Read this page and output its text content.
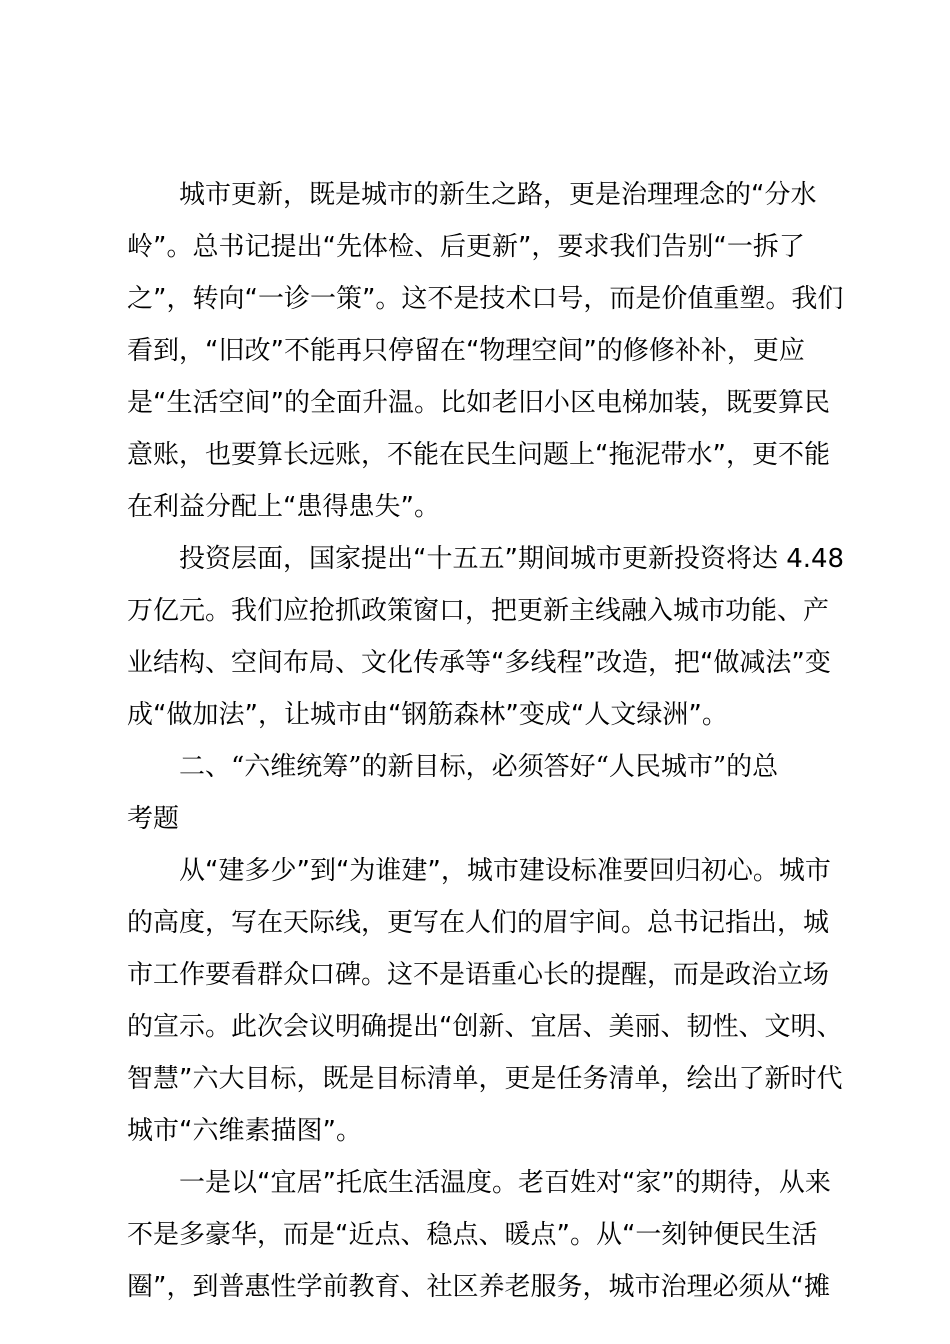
城市更新，既是城市的新生之路，更是治理理念的“分水
岭”。总书记提出“先体检、后更新”，要求我们告别“一拆了
之”，转向“一诊一策”。这不是技术口号，而是价值重塑。我们
看到，“旧改”不能再只停留在“物理空间”的修修补补，更应
是“生活空间”的全面升温。比如老旧小区电梯加装，既要算民
意账，也要算长远账，不能在民生问题上“拖泥带水”，更不能
在利益分配上“患得患失”。
投资层面，国家提出“十五五”期间城市更新投资将达 4.48
万亿元。我们应抢抓政策窗口，把更新主线融入城市功能、产
业结构、空间布局、文化传承等“多线程”改造，把“做减法”变
成“做加法”，让城市由“钢筋森林”变成“人文绿洲”。
二、“六维统筹”的新目标，必须答好“人民城市”的总
考题
从“建多少”到“为谁建”，城市建设标准要回归初心。城市
的高度，写在天际线，更写在人们的眉宇间。总书记指出，城
市工作要看群众口碑。这不是语重心长的提醒，而是政治立场
的宣示。此次会议明确提出“创新、宜居、美丽、韧性、文明、
智慧”六大目标，既是目标清单，更是任务清单，绘出了新时代
城市“六维素描图”。
一是以“宜居”托底生活温度。老百姓对“家”的期待，从来
不是多豪华，而是“近点、稳点、暖点”。从“一刻钟便民生活
圈”，到普惠性学前教育、社区养老服务，城市治理必须从“摊
